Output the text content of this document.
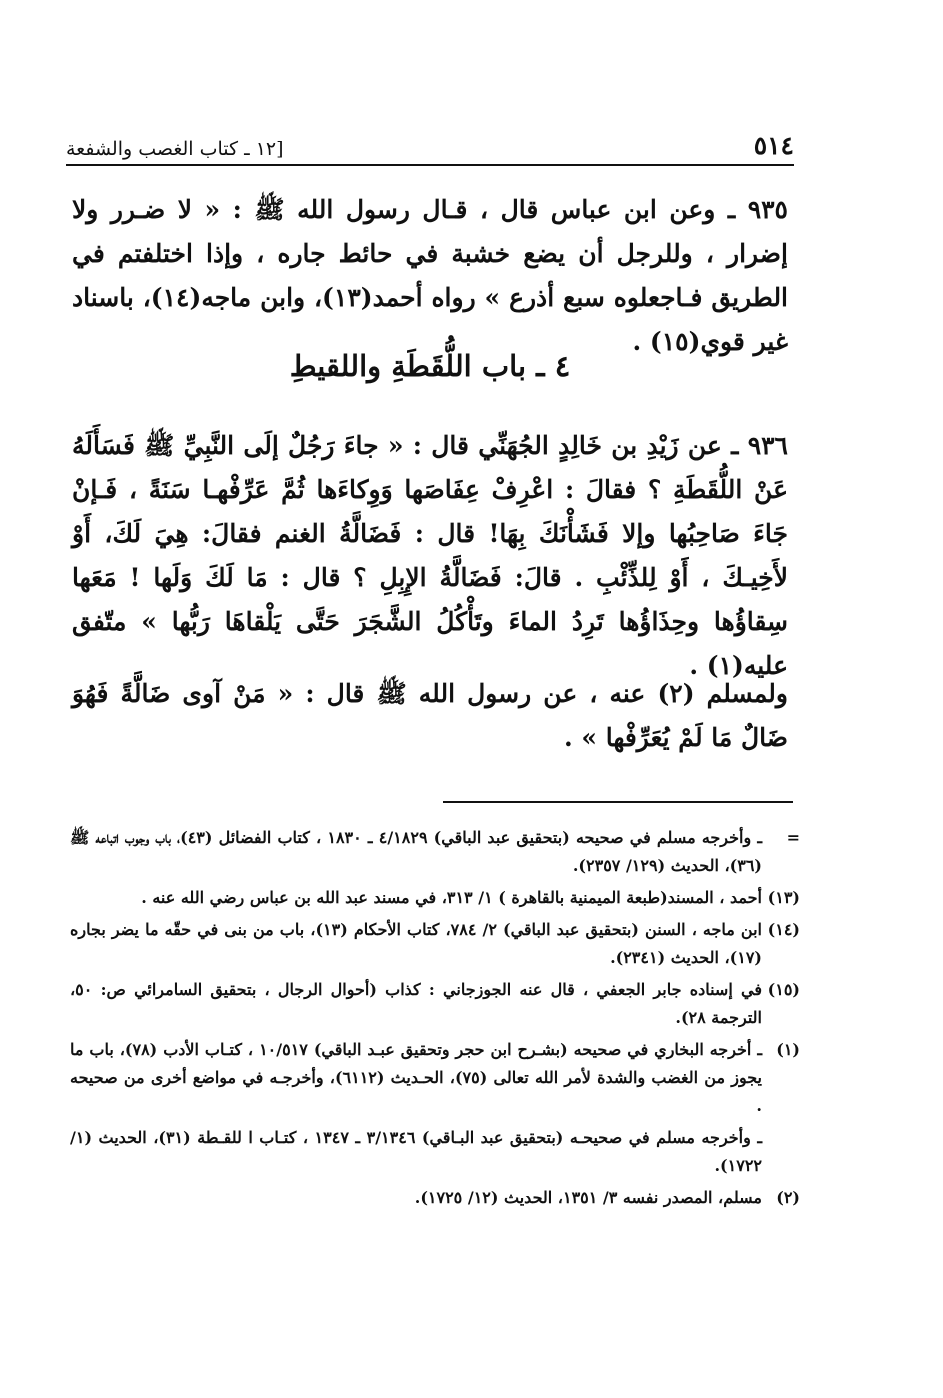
٥١٤
[١٢ ـ كتاب الغصب والشفعة
٩٣٥ ـ وعن ابن عباس قال ، قـال رسول الله ﷺ : « لا ضـرر ولا إضرار ، وللرجل أن يضع خشبة في حائط جاره ، وإذا اختلفتم في الطريق فـاجعلوه سبع أذرع » رواه أحمد(١٣)، وابن ماجه(١٤)، باسناد غير قوي(١٥) .
٤ ـ باب اللُّقَطَةِ واللقيطِ
٩٣٦ ـ عن زَيْدِ بن خَالِدٍ الجُهَنِّي قال : « جاءَ رَجُلٌ إلَى النَّبِيِّ ﷺ فَسَأَلَهُ عَنْ اللُّقَطَةِ ؟ فقالَ : اعْرِفْ عِفَاصَها وَوِكاءَها ثُمَّ عَرِّفْهـا سَنَةً ، فَـإنْ جَاءَ صَاحِبُها وإلا فَشَأْنَكَ بِهَا! قال : فَضَالَّةُ الغنم فقالَ: هِيَ لَكَ، أَوْ لأَخِيـكَ ، أَوْ لِلذِّئْبِ . قالَ: فَضَالَّةُ الإِبِلِ ؟ قال : مَا لَكَ وَلَها ! مَعَها سِقاؤُها وحِذَاؤُها تَرِدُ الماءَ وتَأْكُلُ الشَّجَرَ حَتَّى يَلْقاهَا رَبُّها » متّفق عليه(١) .
ولمسلم (٢) عنه ، عن رسول الله ﷺ قال : « مَنْ آوى ضَالَّةً فَهُوَ ضَالٌ مَا لَمْ يُعَرِّفْها » .
=
ـ وأخرجه مسلم في صحيحه (بتحقيق عبد الباقي) ٤/١٨٢٩ ـ ١٨٣٠ ، كتاب الفضائل (٤٣)، باب وجوب اتباعه ﷺ (٣٦)، الحديث (١٢٩/ ٢٣٥٧).
(١٣)
أحمد ، المسند(طبعة الميمنية بالقاهرة ) ١/ ٣١٣، في مسند عبد الله بن عباس رضي الله عنه .
(١٤)
ابن ماجه ، السنن (بتحقيق عبد الباقي) ٢/ ٧٨٤، كتاب الأحكام (١٣)، باب من بنى في حقّه ما يضر بجاره (١٧)، الحديث (٢٣٤١).
(١٥)
في إسناده جابر الجعفي ، قال عنه الجوزجاني : كذاب (أحوال الرجال ، بتحقيق السامرائي ص: ٥٠، الترجمة ٢٨).
(١)
ـ أخرجه البخاري في صحيحه (بشـرح ابن حجر وتحقيق عبـد الباقي) ١٠/٥١٧ ، كتـاب الأدب (٧٨)، باب ما يجوز من الغضب والشدة لأمر الله تعالى (٧٥)، الحـديث (٦١١٢)، وأخرجـه في مواضع أخرى من صحيحه .
ـ وأخرجه مسلم في صحيحـه (بتحقيق عبد البـاقي) ٣/١٣٤٦ ـ ١٣٤٧ ، كتـاب ا للقـطة (٣١)، الحديث (١/ ١٧٢٢).
(٢)
مسلم، المصدر نفسه ٣/ ١٣٥١، الحديث (١٢/ ١٧٢٥).
